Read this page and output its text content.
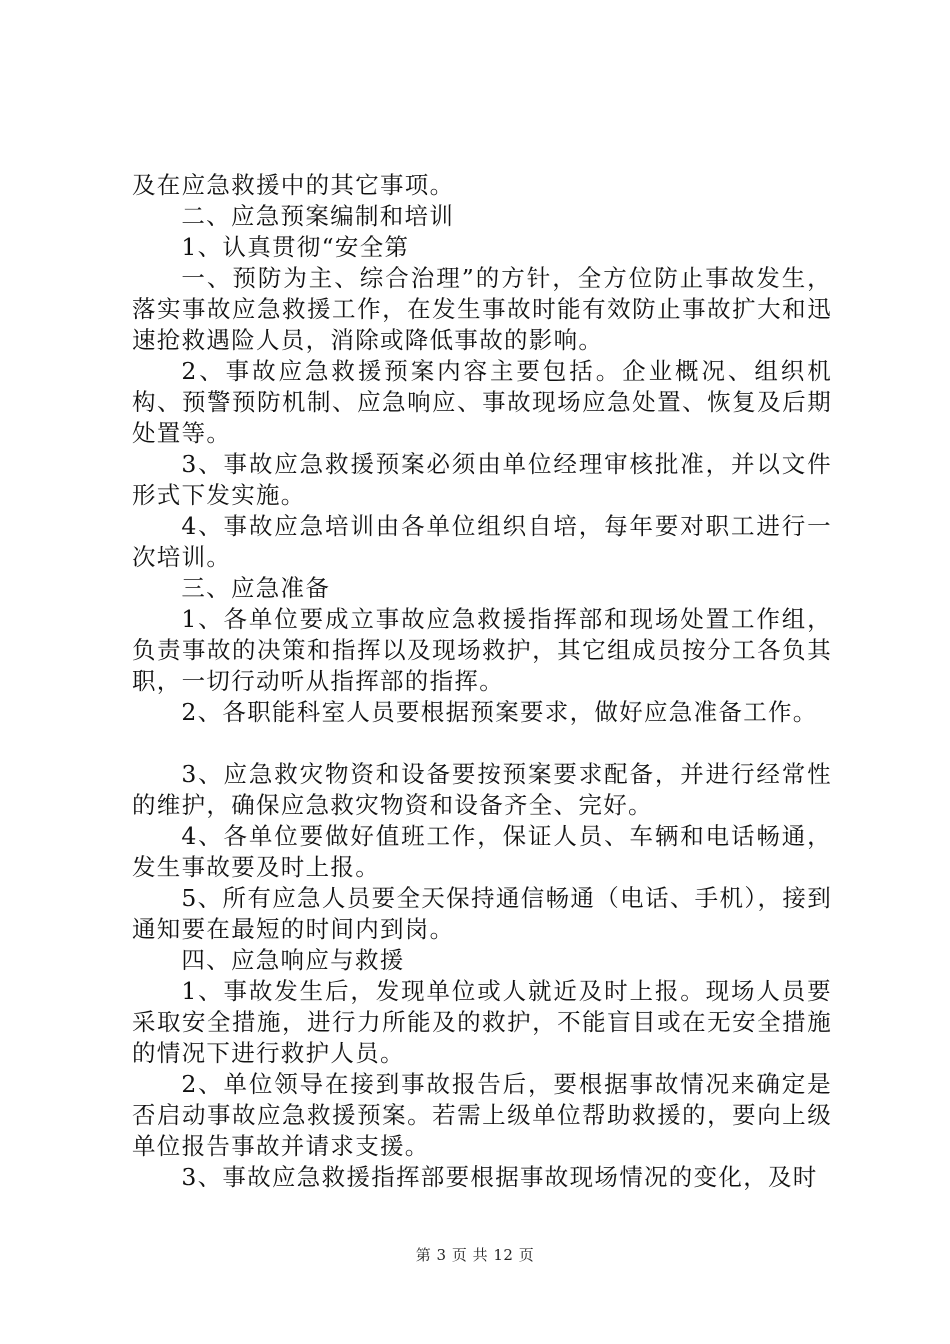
及在应急救援中的其它事项。

二、应急预案编制和培训

1、认真贯彻“安全第

一、预防为主、综合治理”的方针，全方位防止事故发生，落实事故应急救援工作，在发生事故时能有效防止事故扩大和迅速抢救遇险人员，消除或降低事故的影响。

2、事故应急救援预案内容主要包括。企业概况、组织机构、预警预防机制、应急响应、事故现场应急处置、恢复及后期处置等。

3、事故应急救援预案必须由单位经理审核批准，并以文件形式下发实施。

4、事故应急培训由各单位组织自培，每年要对职工进行一次培训。

三、应急准备

1、各单位要成立事故应急救援指挥部和现场处置工作组，负责事故的决策和指挥以及现场救护，其它组成员按分工各负其职，一切行动听从指挥部的指挥。

2、各职能科室人员要根据预案要求，做好应急准备工作。

3、应急救灾物资和设备要按预案要求配备，并进行经常性的维护，确保应急救灾物资和设备齐全、完好。

4、各单位要做好值班工作，保证人员、车辆和电话畅通，发生事故要及时上报。

5、所有应急人员要全天保持通信畅通（电话、手机），接到通知要在最短的时间内到岗。

四、应急响应与救援

1、事故发生后，发现单位或人就近及时上报。现场人员要采取安全措施，进行力所能及的救护，不能盲目或在无安全措施的情况下进行救护人员。

2、单位领导在接到事故报告后，要根据事故情况来确定是否启动事故应急救援预案。若需上级单位帮助救援的，要向上级单位报告事故并请求支援。

3、事故应急救援指挥部要根据事故现场情况的变化，及时

第 3 页 共 12 页
